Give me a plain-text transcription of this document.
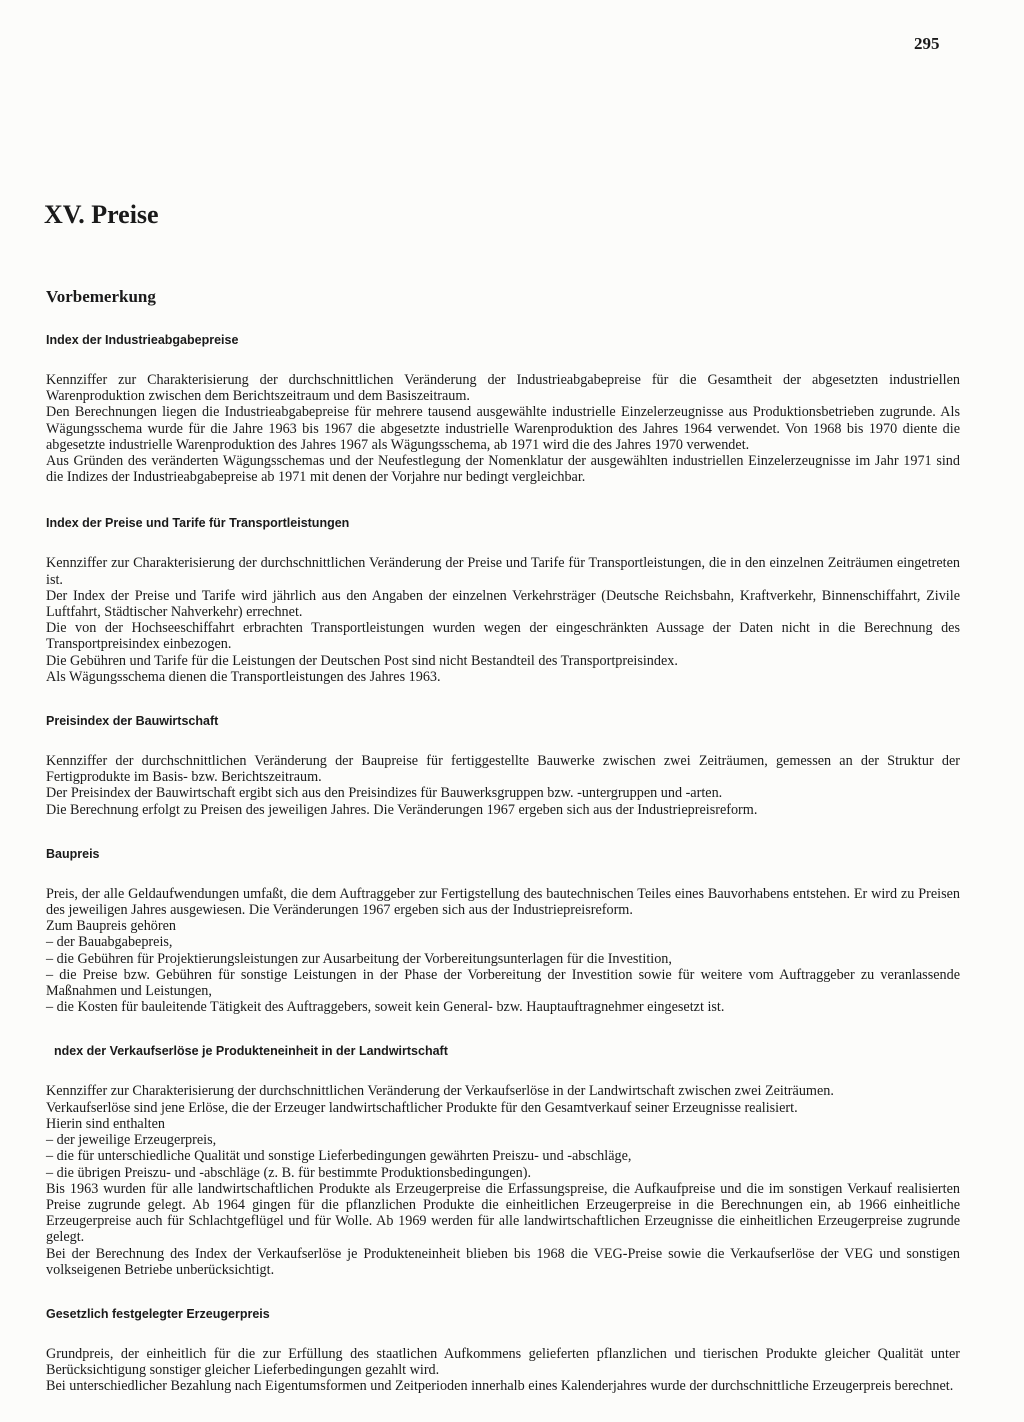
295
XV. Preise
Vorbemerkung
Index der Industrieabgabepreise

Kennziffer zur Charakterisierung der durchschnittlichen Veränderung der Industrieabgabepreise für die Gesamtheit der abgesetzten industriellen Warenproduktion zwischen dem Berichtszeitraum und dem Basiszeitraum.

Den Berechnungen liegen die Industrieabgabepreise für mehrere tausend ausgewählte industrielle Einzelerzeugnisse aus Produktionsbetrieben zugrunde. Als Wägungsschema wurde für die Jahre 1963 bis 1967 die abgesetzte industrielle Warenproduktion des Jahres 1964 verwendet. Von 1968 bis 1970 diente die abgesetzte industrielle Warenproduktion des Jahres 1967 als Wägungsschema, ab 1971 wird die des Jahres 1970 verwendet.

Aus Gründen des veränderten Wägungsschemas und der Neufestlegung der Nomenklatur der ausgewählten industriellen Einzelerzeugnisse im Jahr 1971 sind die Indizes der Industrieabgabepreise ab 1971 mit denen der Vorjahre nur bedingt vergleichbar.

Index der Preise und Tarife für Transportleistungen

Kennziffer zur Charakterisierung der durchschnittlichen Veränderung der Preise und Tarife für Transportleistungen, die in den einzelnen Zeiträumen eingetreten ist.

Der Index der Preise und Tarife wird jährlich aus den Angaben der einzelnen Verkehrsträger (Deutsche Reichsbahn, Kraftverkehr, Binnenschiffahrt, Zivile Luftfahrt, Städtischer Nahverkehr) errechnet.

Die von der Hochseeschiffahrt erbrachten Transportleistungen wurden wegen der eingeschränkten Aussage der Daten nicht in die Berechnung des Transportpreisindex einbezogen.

Die Gebühren und Tarife für die Leistungen der Deutschen Post sind nicht Bestandteil des Transportpreisindex.

Als Wägungsschema dienen die Transportleistungen des Jahres 1963.

Preisindex der Bauwirtschaft

Kennziffer der durchschnittlichen Veränderung der Baupreise für fertiggestellte Bauwerke zwischen zwei Zeiträumen, gemessen an der Struktur der Fertigprodukte im Basis- bzw. Berichtszeitraum.

Der Preisindex der Bauwirtschaft ergibt sich aus den Preisindizes für Bauwerksgruppen bzw. -untergruppen und -arten.

Die Berechnung erfolgt zu Preisen des jeweiligen Jahres. Die Veränderungen 1967 ergeben sich aus der Industriepreisreform.

Baupreis

Preis, der alle Geldaufwendungen umfaßt, die dem Auftraggeber zur Fertigstellung des bautechnischen Teiles eines Bauvorhabens entstehen. Er wird zu Preisen des jeweiligen Jahres ausgewiesen. Die Veränderungen 1967 ergeben sich aus der Industriepreisreform.

Zum Baupreis gehören

– der Bauabgabepreis,
– die Gebühren für Projektierungsleistungen zur Ausarbeitung der Vorbereitungsunterlagen für die Investition,
– die Preise bzw. Gebühren für sonstige Leistungen in der Phase der Vorbereitung der Investition sowie für weitere vom Auftraggeber zu veranlassende Maßnahmen und Leistungen,
– die Kosten für bauleitende Tätigkeit des Auftraggebers, soweit kein General- bzw. Hauptauftragnehmer eingesetzt ist.
ndex der Verkaufserlöse je Produkteneinheit in der Landwirtschaft

Kennziffer zur Charakterisierung der durchschnittlichen Veränderung der Verkaufserlöse in der Landwirtschaft zwischen zwei Zeiträumen.

Verkaufserlöse sind jene Erlöse, die der Erzeuger landwirtschaftlicher Produkte für den Gesamtverkauf seiner Erzeugnisse realisiert.

Hierin sind enthalten

– der jeweilige Erzeugerpreis,
– die für unterschiedliche Qualität und sonstige Lieferbedingungen gewährten Preiszu- und -abschläge,
– die übrigen Preiszu- und -abschläge (z. B. für bestimmte Produktionsbedingungen).

Bis 1963 wurden für alle landwirtschaftlichen Produkte als Erzeugerpreise die Erfassungspreise, die Aufkaufpreise und die im sonstigen Verkauf realisierten Preise zugrunde gelegt. Ab 1964 gingen für die pflanzlichen Produkte die einheitlichen Erzeugerpreise in die Berechnungen ein, ab 1966 einheitliche Erzeugerpreise auch für Schlachtgeflügel und für Wolle. Ab 1969 werden für alle landwirtschaftlichen Erzeugnisse die einheitlichen Erzeugerpreise zugrunde gelegt.

Bei der Berechnung des Index der Verkaufserlöse je Produkteneinheit blieben bis 1968 die VEG-Preise sowie die Verkaufserlöse der VEG und sonstigen volkseigenen Betriebe unberücksichtigt.

Gesetzlich festgelegter Erzeugerpreis

Grundpreis, der einheitlich für die zur Erfüllung des staatlichen Aufkommens gelieferten pflanzlichen und tierischen Produkte gleicher Qualität unter Berücksichtigung sonstiger gleicher Lieferbedingungen gezahlt wird.

Bei unterschiedlicher Bezahlung nach Eigentumsformen und Zeitperioden innerhalb eines Kalenderjahres wurde der durchschnittliche Erzeugerpreis berechnet.
